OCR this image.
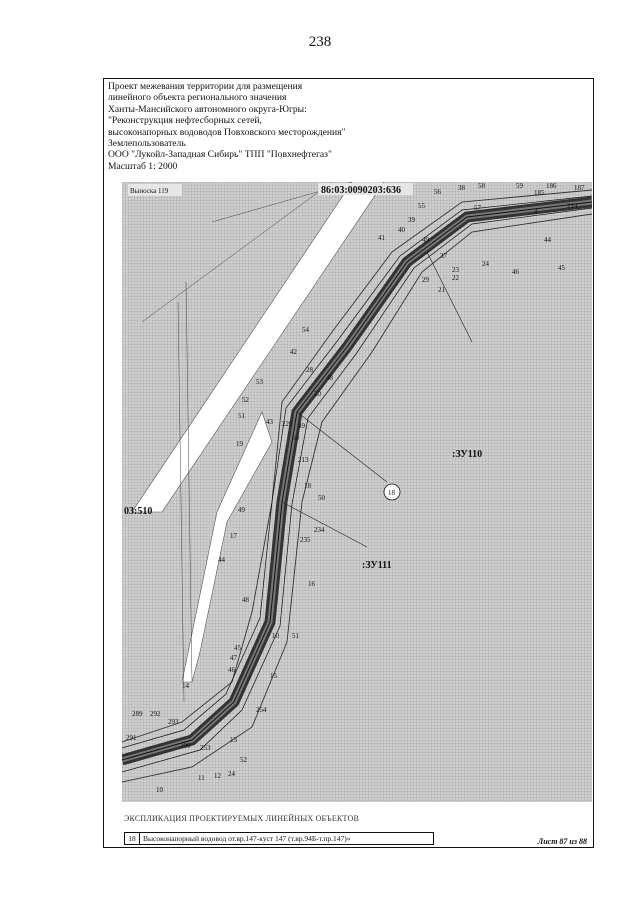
238
Проект межевания территории для размещения
линейного объекта регионального значения
Ханты-Мансийского автономного округа-Югры:
"Реконструкция нефтесборных сетей,
высоконапорных водоводов Повховского месторождения"
Землепользователь
ООО "Лукойл-Западная Сибирь" ТПП "Повхнефтегаз"
Масштаб 1: 2000
18
Выноска 119	86:03:0090203:636
03:510
:ЗУ110
:ЗУ111
56 38 58	59	186	187
185
57	214
4
55
39
40
41	49
37
23
24
46
44
45
22
21
29
54
42
53
52
28
48
20
51
43 226 49
19
50
213
18
50
49
17
234
44
48
47
46
45
14
10 51
15
289 292
291
290
293
253
13
52
24
11 12
10
16
235
254
ЭКСПЛИКАЦИЯ ПРОЕКТИРУЕМЫХ ЛИНЕЙНЫХ ОБЪЕКТОВ
18 Высоконапорный водовод от.вр.147-куст 147 (т.вр.94Б-т.пр.147)»	Лист 87 из 88
